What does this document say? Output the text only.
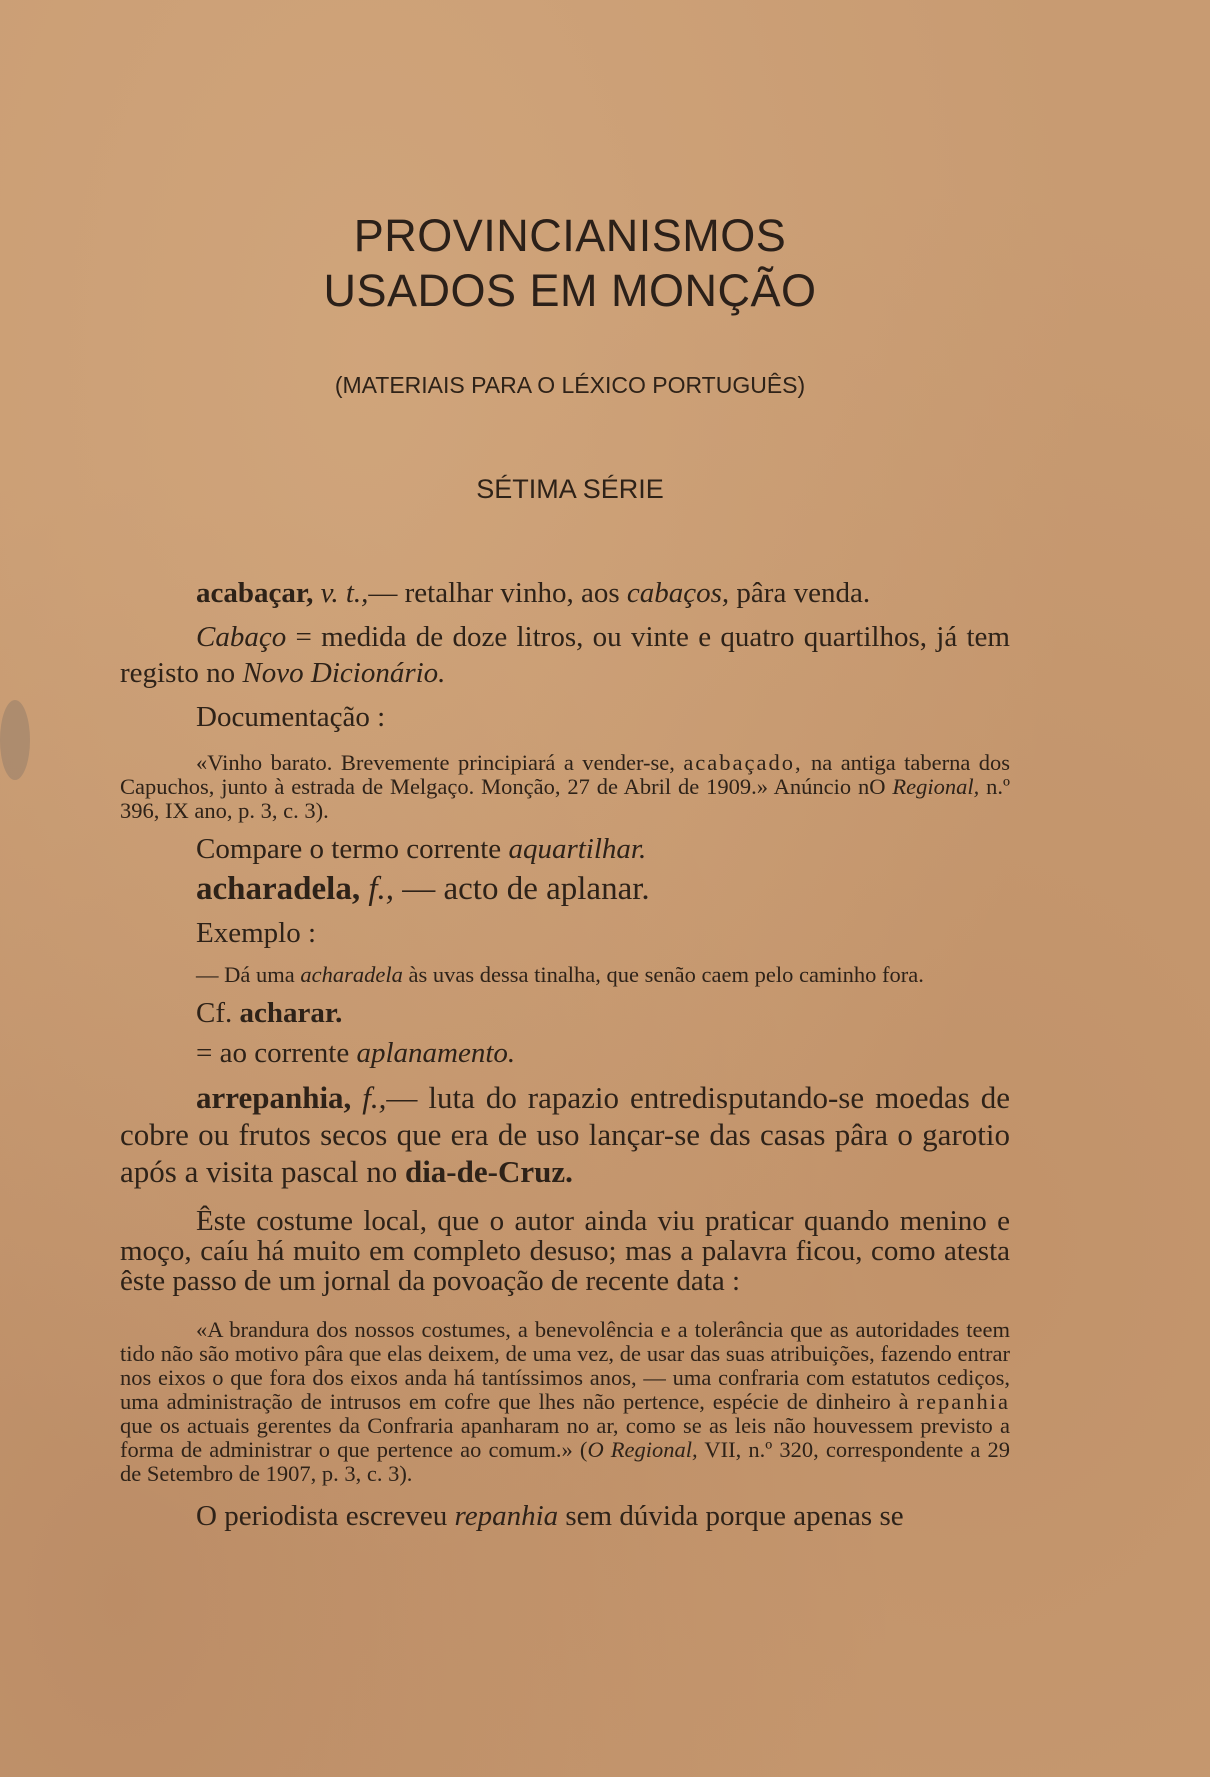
PROVINCIANISMOS
USADOS EM MONÇÃO
(MATERIAIS PARA O LÉXICO PORTUGUÊS)
SÉTIMA SÉRIE

acabaçar, v. t.,— retalhar vinho, aos cabaços, pâra venda.

Cabaço = medida de doze litros, ou vinte e quatro quartilhos, já tem registo no Novo Dicionário.

Documentação :

«Vinho barato. Brevemente principiará a vender-se, acabaçado, na antiga taberna dos Capuchos, junto à estrada de Melgaço. Monção, 27 de Abril de 1909.» Anúncio nO Regional, n.º 396, IX ano, p. 3, c. 3).

Compare o termo corrente aquartilhar.

acharadela, f., — acto de aplanar.

Exemplo :

— Dá uma acharadela às uvas dessa tinalha, que senão caem pelo caminho fora.

Cf. acharar.

= ao corrente aplanamento.

arrepanhia, f.,— luta do rapazio entredisputando-se moedas de cobre ou frutos secos que era de uso lançar-se das casas pâra o garotio após a visita pascal no dia-de-Cruz.

Êste costume local, que o autor ainda viu praticar quando menino e moço, caíu há muito em completo desuso; mas a palavra ficou, como atesta êste passo de um jornal da povoação de recente data :

«A brandura dos nossos costumes, a benevolência e a tolerância que as autoridades teem tido não são motivo pâra que elas deixem, de uma vez, de usar das suas atribuições, fazendo entrar nos eixos o que fora dos eixos anda há tantíssimos anos, — uma confraria com estatutos cediços, uma administração de intrusos em cofre que lhes não pertence, espécie de dinheiro à repanhia que os actuais gerentes da Confraria apanharam no ar, como se as leis não houvessem previsto a forma de administrar o que pertence ao comum.» (O Regional, VII, n.º 320, correspondente a 29 de Setembro de 1907, p. 3, c. 3).

O periodista escreveu repanhia sem dúvida porque apenas se
